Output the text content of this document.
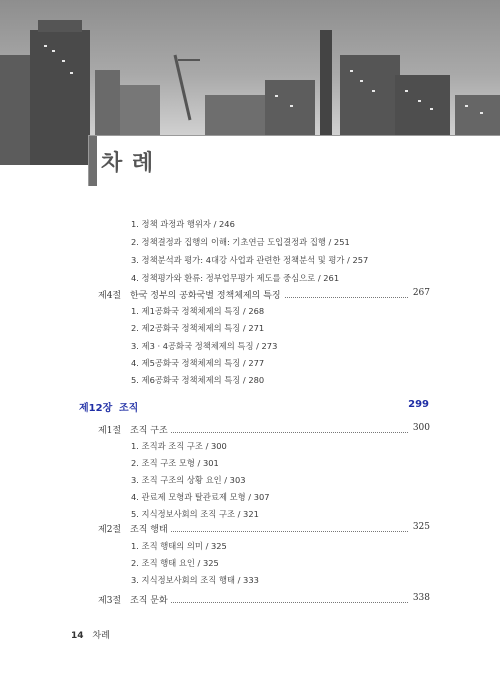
차 례
1. 정책 과정과 행위자 / 246
2. 정책결정과 집행의 이해: 기초연금 도입결정과 집행 / 251
3. 정책분석과 평가: 4대강 사업과 관련한 정책분석 및 평가 / 257
4. 정책평가와 환류: 정부업무평가 제도를 중심으로 / 261
제4절 한국 정부의 공화국별 정책체제의 특징	267
1. 제1공화국 정책체제의 특징 / 268
2. 제2공화국 정책체제의 특징 / 271
3. 제3 · 4공화국 정책체제의 특징 / 273
4. 제5공화국 정책체제의 특징 / 277
5. 제6공화국 정책체제의 특징 / 280
제12장 조직	299
제1절 조직 구조	300
1. 조직과 조직 구조 / 300
2. 조직 구조 모형 / 301
3. 조직 구조의 상황 요인 / 303
4. 관료제 모형과 탈관료제 모형 / 307
5. 지식정보사회의 조직 구조 / 321
제2절 조직 행태	325
1. 조직 행태의 의미 / 325
2. 조직 행태 요인 / 325
3. 지식정보사회의 조직 행태 / 333
제3절 조직 문화	338
14 차례
